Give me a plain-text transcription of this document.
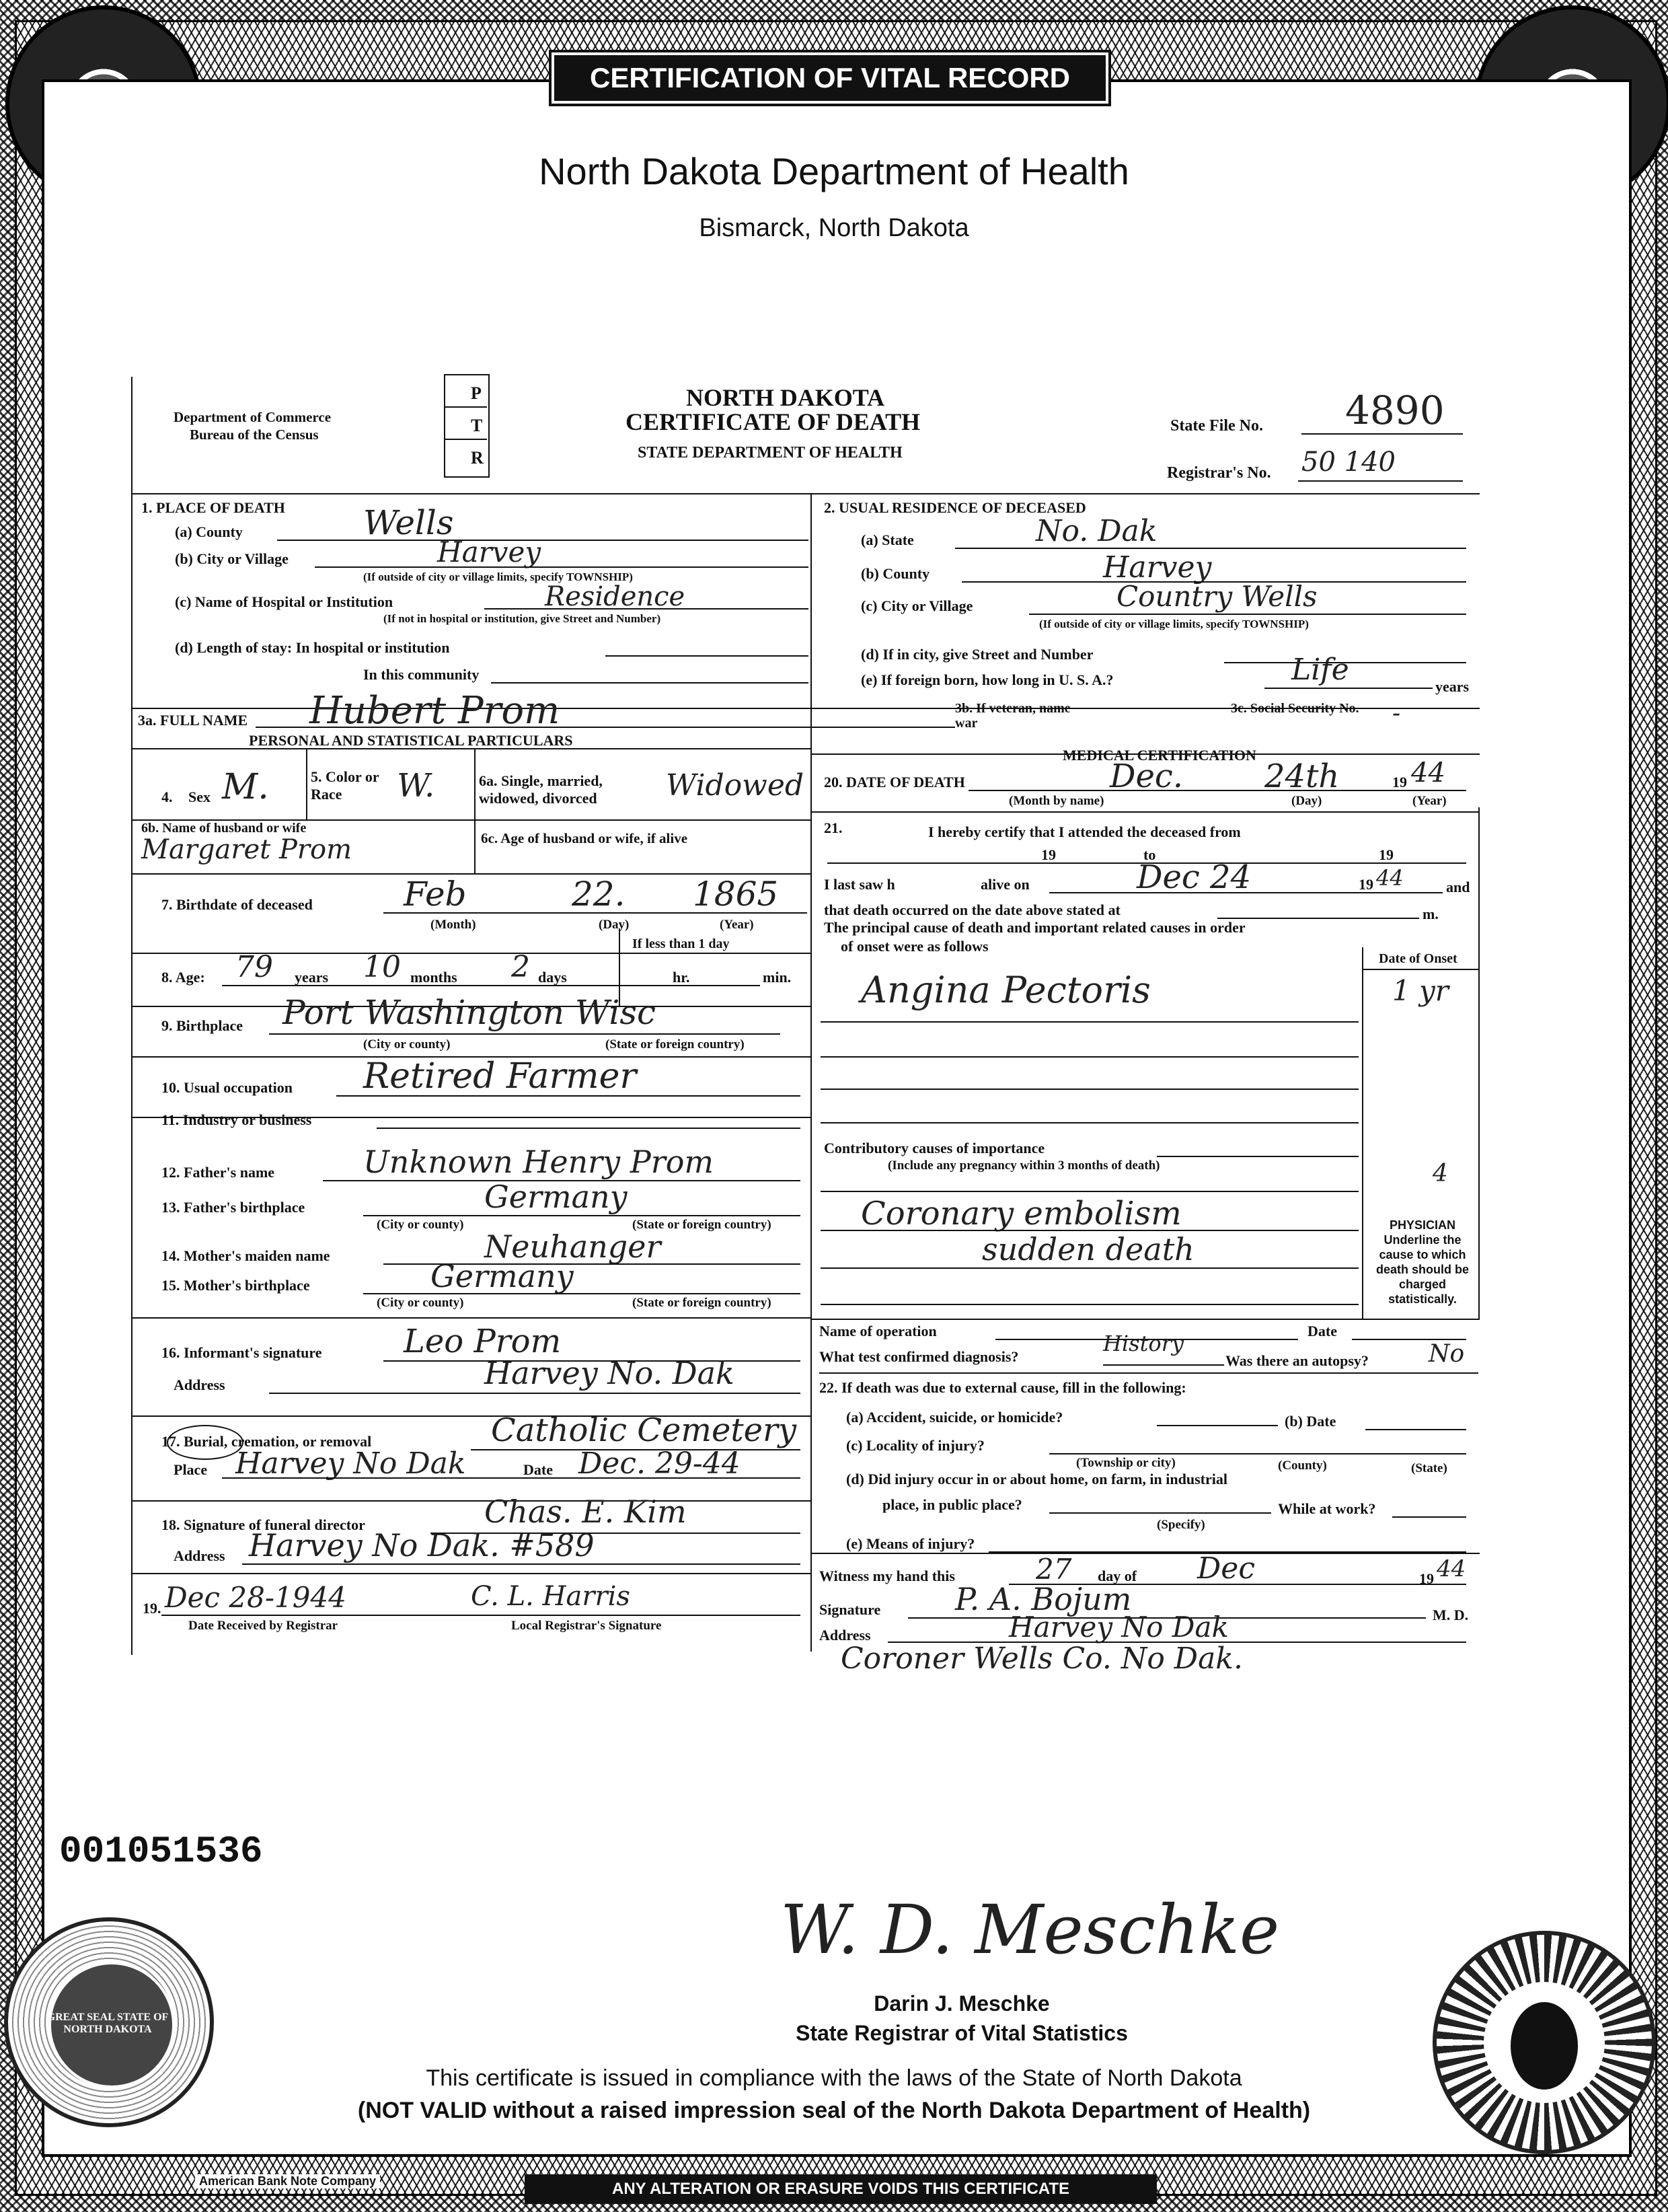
CERTIFICATION OF VITAL RECORD
North Dakota Department of Health
Bismarck, North Dakota
Department of Commerce
Bureau of the Census
P
T
R
NORTH DAKOTA
CERTIFICATE OF DEATH
STATE DEPARTMENT OF HEALTH
State File No. 4890
Registrar's No. 50 140
1. PLACE OF DEATH
(a) County	Wells
(b) City or Village	Harvey
(If outside of city or village limits, specify TOWNSHIP)
(c) Name of Hospital or Institution	Residence
(If not in hospital or institution, give Street and Number)
(d) Length of stay: In hospital or institution
In this community
2. USUAL RESIDENCE OF DECEASED
(a) State	No. Dak
(b) County	Harvey
(c) City or Village	Country Wells
(If outside of city or village limits, specify TOWNSHIP)
(d) If in city, give Street and Number
(e) If foreign born, how long in U. S. A.?	Life	years
3a. FULL NAME Hubert Prom	3b. If veteran, name war
3c. Social Security No. -
PERSONAL AND STATISTICAL PARTICULARS
MEDICAL CERTIFICATION
4. Sex M.	5. Color or Race	W.	6a. Single, married, widowed, divorced	Widowed
6b. Name of husband or wife
Margaret Prom	6c. Age of husband or wife, if alive
7. Birthdate of deceased	Feb	22. 1865
(Month)	(Day)	(Year)
If less than 1 day
8. Age: 79 years 10 months 2 days	hr.	min.
9. Birthplace Port Washington Wisc
(City or county)	(State or foreign country)
10. Usual occupation Retired Farmer
11. Industry or business
12. Father's name	Unknown Henry Prom
13. Father's birthplace	Germany
(City or county)	(State or foreign country)
14. Mother's maiden name	Neuhanger
15. Mother's birthplace	Germany
(City or county)	(State or foreign country)
16. Informant's signature	Leo Prom
Address	Harvey No. Dak
17. Burial, cremation, or removal	Catholic Cemetery
Place Harvey No Dak	Date Dec. 29-44
18. Signature of funeral director	Chas. E. Kim
Address Harvey No Dak. #589
19. Dec 28-1944	C. L. Harris
Date Received by Registrar	Local Registrar's Signature
20. DATE OF DEATH	Dec.	24th	19 44
(Month by name)	(Day)	(Year)
21.	I hereby certify that I attended the deceased from
19	to	19
I last saw h	alive on	Dec 24	19 44	and
that death occurred on the date above stated at	m.
The principal cause of death and important related causes in order
of onset were as follows
Date of Onset
Angina Pectoris	1 yr
Contributory causes of importance
(Include any pregnancy within 3 months of death)	4
Coronary embolism
sudden death
PHYSICIAN Underline the cause to which death should be charged statistically.
Name of operation	Date
What test confirmed diagnosis?
History
Was there an autopsy? No
22. If death was due to external cause, fill in the following:
(a) Accident, suicide, or homicide?	(b) Date
(c) Locality of injury?
(Township or city)	(County)	(State)
(d) Did injury occur in or about home, on farm, in industrial
place, in public place?	While at work?
(Specify)
(e) Means of injury?
Witness my hand this	27 day of Dec	19 44
Signature P. A. Bojum	M. D.
Address	Harvey No Dak
Coroner Wells Co. No Dak.
001051536
W. D. Meschke
Darin J. Meschke
State Registrar of Vital Statistics
This certificate is issued in compliance with the laws of the State of North Dakota
(NOT VALID without a raised impression seal of the North Dakota Department of Health)
GREAT SEAL STATE OF NORTH DAKOTA
American Bank Note Company	ANY ALTERATION OR ERASURE VOIDS THIS CERTIFICATE
